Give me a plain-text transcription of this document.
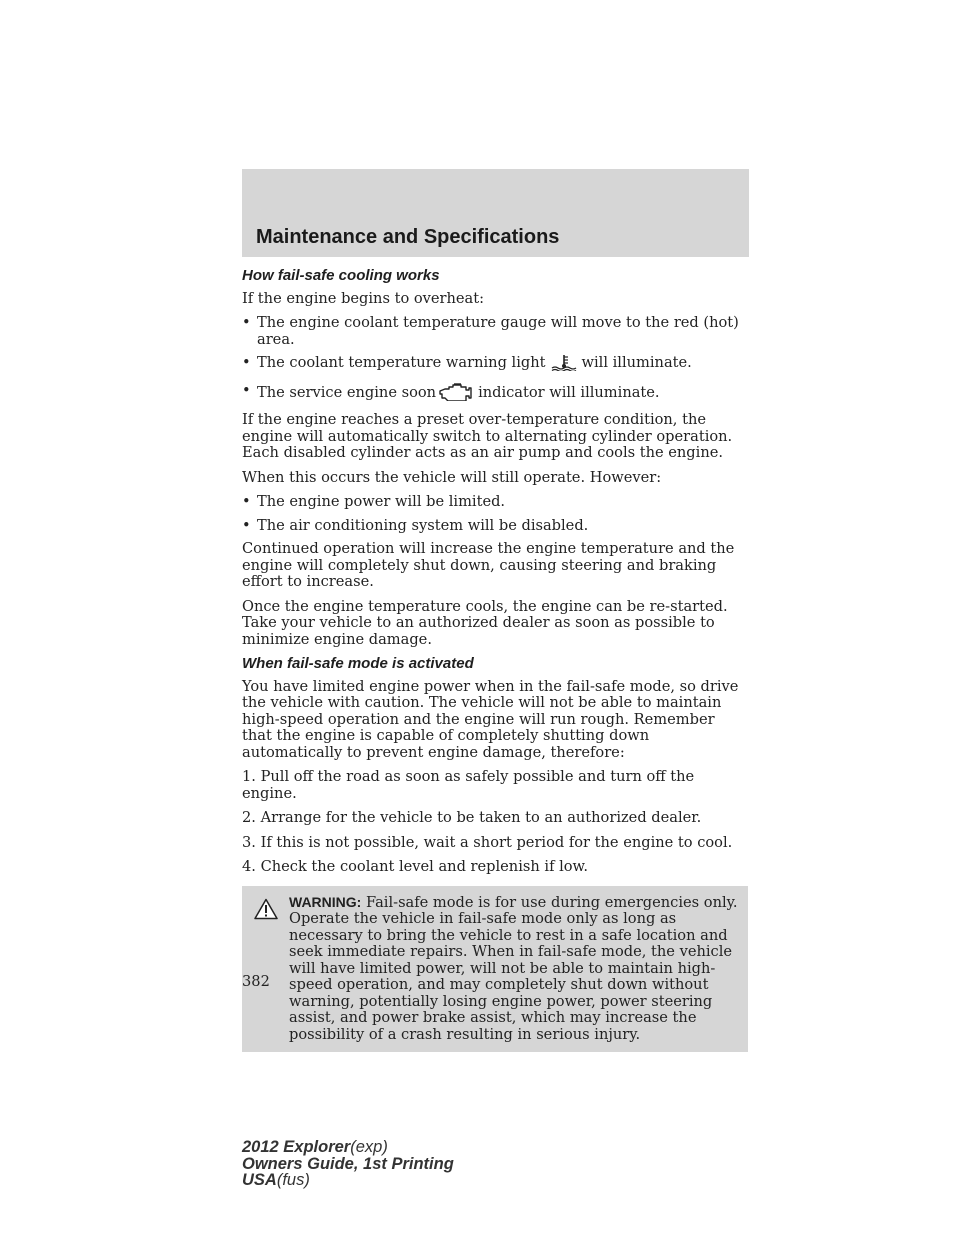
Maintenance and Specifications
How fail-safe cooling works

If the engine begins to overheat:

• The engine coolant temperature gauge will move to the red (hot) area.
• The coolant temperature warning light will illuminate.
• The service engine soon	indicator will illuminate.

If the engine reaches a preset over-temperature condition, the engine will automatically switch to alternating cylinder operation. Each disabled cylinder acts as an air pump and cools the engine.

When this occurs the vehicle will still operate. However:

• The engine power will be limited.
• The air conditioning system will be disabled.

Continued operation will increase the engine temperature and the engine will completely shut down, causing steering and braking effort to increase.

Once the engine temperature cools, the engine can be re-started. Take your vehicle to an authorized dealer as soon as possible to minimize engine damage.

When fail-safe mode is activated

You have limited engine power when in the fail-safe mode, so drive the vehicle with caution. The vehicle will not be able to maintain high-speed operation and the engine will run rough. Remember that the engine is capable of completely shutting down automatically to prevent engine damage, therefore:

1. Pull off the road as soon as safely possible and turn off the engine.

2. Arrange for the vehicle to be taken to an authorized dealer.

3. If this is not possible, wait a short period for the engine to cool.

4. Check the coolant level and replenish if low.

WARNING: Fail-safe mode is for use during emergencies only. Operate the vehicle in fail-safe mode only as long as necessary to bring the vehicle to rest in a safe location and seek immediate repairs. When in fail-safe mode, the vehicle will have limited power, will not be able to maintain high-speed operation, and may completely shut down without warning, potentially losing engine power, power steering assist, and power brake assist, which may increase the possibility of a crash resulting in serious injury.
382
2012 Explorer(exp)
Owners Guide, 1st Printing
USA(fus)
